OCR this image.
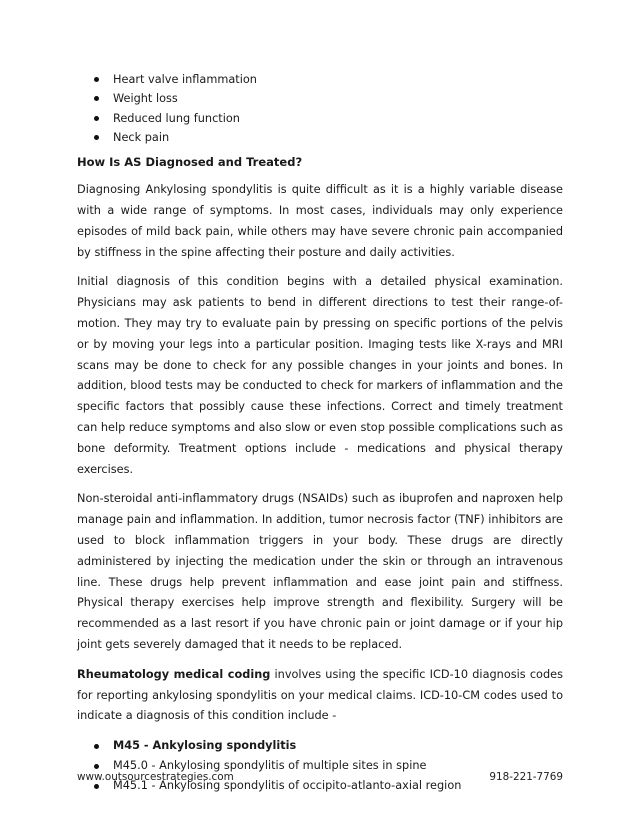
Heart valve inflammation
Weight loss
Reduced lung function
Neck pain
How Is AS Diagnosed and Treated?

Diagnosing Ankylosing spondylitis is quite difficult as it is a highly variable disease with a wide range of symptoms. In most cases, individuals may only experience episodes of mild back pain, while others may have severe chronic pain accompanied by stiffness in the spine affecting their posture and daily activities.

Initial diagnosis of this condition begins with a detailed physical examination. Physicians may ask patients to bend in different directions to test their range-of-motion. They may try to evaluate pain by pressing on specific portions of the pelvis or by moving your legs into a particular position. Imaging tests like X-rays and MRI scans may be done to check for any possible changes in your joints and bones. In addition, blood tests may be conducted to check for markers of inflammation and the specific factors that possibly cause these infections. Correct and timely treatment can help reduce symptoms and also slow or even stop possible complications such as bone deformity. Treatment options include - medications and physical therapy exercises.

Non-steroidal anti-inflammatory drugs (NSAIDs) such as ibuprofen and naproxen help manage pain and inflammation. In addition, tumor necrosis factor (TNF) inhibitors are used to block inflammation triggers in your body. These drugs are directly administered by injecting the medication under the skin or through an intravenous line. These drugs help prevent inflammation and ease joint pain and stiffness. Physical therapy exercises help improve strength and flexibility. Surgery will be recommended as a last resort if you have chronic pain or joint damage or if your hip joint gets severely damaged that it needs to be replaced.

Rheumatology medical coding involves using the specific ICD-10 diagnosis codes for reporting ankylosing spondylitis on your medical claims. ICD-10-CM codes used to indicate a diagnosis of this condition include -

M45 - Ankylosing spondylitis
M45.0 - Ankylosing spondylitis of multiple sites in spine
M45.1 - Ankylosing spondylitis of occipito-atlanto-axial region
www.outsourcestrategies.com	918-221-7769
